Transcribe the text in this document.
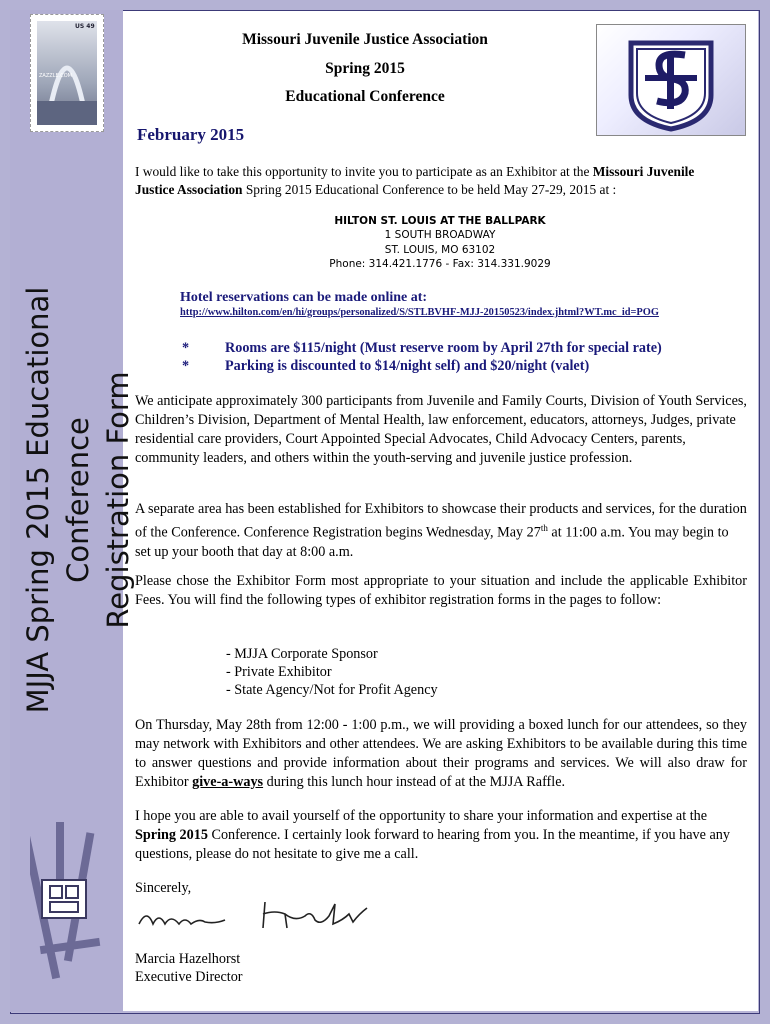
US 49
ZAZZLE.COM
MJJA Spring 2015 Educational Conference Registration Form
Missouri Juvenile Justice Association
Spring 2015
Educational Conference
February 2015
I would like to take this opportunity to invite you to participate as an Exhibitor at the Missouri Juvenile Justice Association Spring 2015 Educational Conference to be held May 27-29, 2015 at :
HILTON ST. LOUIS AT THE BALLPARK
1 SOUTH BROADWAY
ST. LOUIS, MO 63102
Phone: 314.421.1776 - Fax: 314.331.9029
Hotel reservations can be made online at:
http://www.hilton.com/en/hi/groups/personalized/S/STLBVHF-MJJ-20150523/index.jhtml?WT.mc_id=POG
*	Rooms are $115/night (Must reserve room by April 27th for special rate)
*	Parking is discounted to $14/night self) and $20/night (valet)
We anticipate approximately 300 participants from Juvenile and Family Courts, Division of Youth Services, Children’s Division, Department of Mental Health, law enforcement, educators, attorneys, Judges, private residential care providers, Court Appointed Special Advocates, Child Advocacy Centers, parents, community leaders, and others within the youth-serving and juvenile justice profession.
A separate area has been established for Exhibitors to showcase their products and services, for the duration of the Conference. Conference Registration begins Wednesday, May 27th at 11:00 a.m. You may begin to set up your booth that day at 8:00 a.m.
Please chose the Exhibitor Form most appropriate to your situation and include the applicable Exhibitor Fees. You will find the following types of exhibitor registration forms in the pages to follow:
- MJJA Corporate Sponsor
- Private Exhibitor
- State Agency/Not for Profit Agency
On Thursday, May 28th from 12:00 - 1:00 p.m., we will providing a boxed lunch for our attendees, so they may network with Exhibitors and other attendees. We are asking Exhibitors to be available during this time to answer questions and provide information about their programs and services. We will also draw for Exhibitor give-a-ways during this lunch hour instead of at the MJJA Raffle.
I hope you are able to avail yourself of the opportunity to share your information and expertise at the Spring 2015 Conference. I certainly look forward to hearing from you. In the meantime, if you have any questions, please do not hesitate to give me a call.
Sincerely,
Marcia Hazelhorst
Executive Director
